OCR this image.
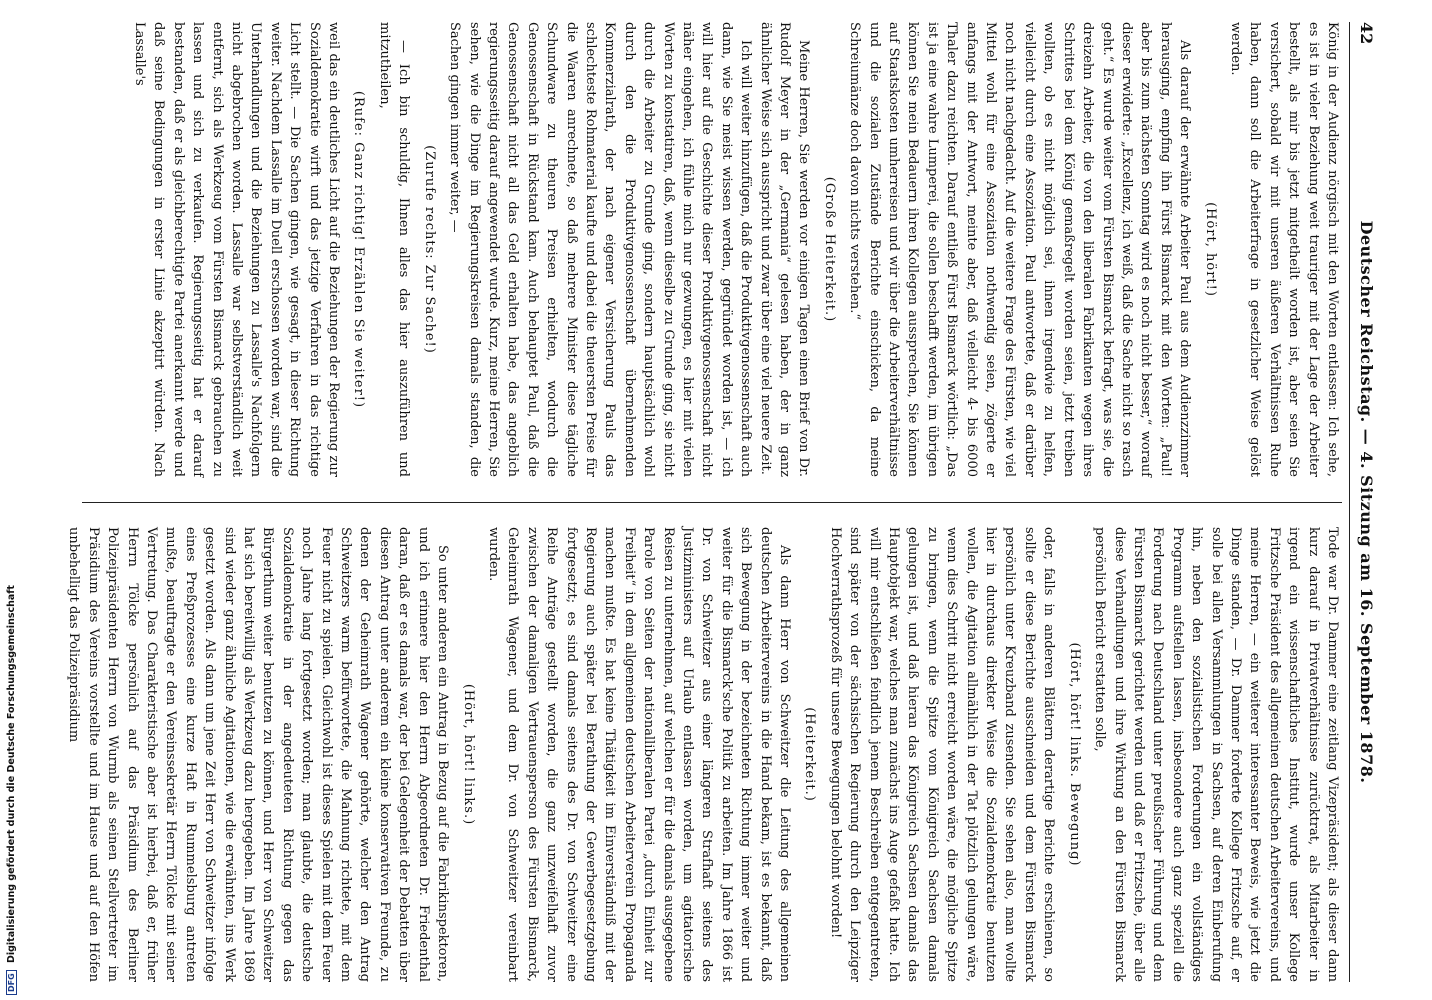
42
Deutscher Reichstag. — 4. Sitzung am 16. September 1878.

König in der Audienz nörgisch mit den Worten entlassen: Ich sehe, es ist in vieler Beziehung weit trauriger mit der Lage der Arbeiter bestellt, als mir bis jetzt mitgetheilt worden ist, aber seien Sie versichert, sobald wir mit unseren äußeren Verhältnissen Ruhe haben, dann soll die Arbeiterfrage in gesetzlicher Weise gelöst werden.

(Hört, hört!)

Als darauf der erwähnte Arbeiter Paul aus dem Audienzzimmer herausging, empfing ihn Fürst Bismarck mit den Worten: „Paul! aber bis zum nächsten Sonntag wird es noch nicht besser,“ worauf dieser erwiderte: „Excellenz, ich weiß, daß die Sache nicht so rasch geht.“ Es wurde weiter vom Fürsten Bismarck befragt, was sie, die dreizehn Arbeiter, die von den liberalen Fabrikanten wegen ihres Schrittes bei dem König gemaßregelt worden seien, jetzt treiben wollten, ob es nicht möglich sei, ihnen irgendwie zu helfen, vielleicht durch eine Assoziation. Paul antwortete, daß er darüber noch nicht nachgedacht. Auf die weitere Frage des Fürsten, wie viel Mittel wohl für eine Assoziation nothwendig seien, zögerte er anfangs mit der Antwort, meinte aber, daß vielleicht 4- bis 6000 Thaler dazu reichten. Darauf entließ Fürst Bismarck wörtlich: „Das ist ja eine wahre Lumperei, die sollen beschafft werden, im übrigen können Sie mein Bedauern ihren Kollegen aussprechen, Sie können auf Staatskosten umherreisen und wir über die Arbeiterverhältnisse und die sozialen Zustände Berichte einschicken, da meine Schreiumänze doch davon nichts verstehen.“

(Große Heiterkeit.)

Meine Herren, Sie werden vor einigen Tagen einen Brief von Dr. Rudolf Meyer in der „Germania“ gelesen haben, der in ganz ähnlicher Weise sich ausspricht und zwar über eine viel neuere Zeit.

Ich will weiter hinzufügen, daß die Produktivgenossenschaft auch dann, wie Sie meist wissen werden, gegründet worden ist, — ich will hier auf die Geschichte dieser Produktivgenossenschaft nicht näher eingehen, ich fühle mich nur gezwungen, es hier mit vielen Worten zu konstatiren, daß, wenn dieselbe zu Grunde ging, sie nicht durch die Arbeiter zu Grunde ging, sondern hauptsächlich wohl durch den die Produktivgenossenschaft übernehmenden Kommerzialrath, der nach eigener Versicherung Pauls das schlechteste Rohmaterial kaufte und dabei die theuersten Preise für die Waaren anrechnete, so daß mehrere Minister diese tägliche Schundware zu theuren Preisen erhielten, wodurch die Genossenschaft in Rückstand kam. Auch behauptet Paul, daß die Genossenschaft nicht all das Geld erhalten habe, das angeblich regierungsseitig darauf angewendet wurde. Kurz, meine Herren, Sie sehen, wie die Dinge im Regierungskreisen damals standen, die Sachen gingen immer weiter, —

(Zurufe rechts: Zur Sache!)

— Ich bin schuldig, Ihnen alles das hier auszuführen und mitzutheilen,

(Rufe: Ganz richtig! Erzählen Sie weiter!)

weil das ein deutliches Licht auf die Beziehungen der Regierung zur Sozialdemokratie wirft und das jetzige Verfahren in das richtige Licht stellt. — Die Sachen gingen, wie gesagt, in dieser Richtung weiter. Nachdem Lassalle im Duell erschossen worden war, sind die Unterhandlungen und die Beziehungen zu Lassalle's Nachfolgern nicht abgebrochen worden. Lassalle war selbstverständlich weit entfernt, sich als Werkzeug vom Fürsten Bismarck gebrauchen zu lassen und sich zu verkaufen. Regierungsseitig hat er darauf bestanden, daß er als gleichberechtigte Partei anerkannt werde und daß seine Bedingungen in erster Linie akzeptirt würden. Nach Lassalle's

Tode war Dr. Dammer eine zeitlang Vizepräsident; als dieser dann kurz darauf in Privatverhältnisse zurücktrat, als Mitarbeiter in irgend ein wissenschaftliches Institut, wurde unser Kollege Fritzsche Präsident des allgemeinen deutschen Arbeitervereins, und meine Herren, — ein weiterer interessanter Beweis, wie jetzt die Dinge standen, — Dr. Dammer forderte Kollege Fritzsche auf, er solle bei allen Versammlungen in Sachsen, auf deren Einberufung hin, neben den sozialistischen Forderungen ein vollständiges Programm aufstellen lassen, insbesondere auch ganz speziell die Forderung nach Deutschland unter preußischer Führung und dem Fürsten Bismarck gerichtet werden und daß er Fritzsche, über alle diese Verhandlungen und ihre Wirkung an den Fürsten Bismarck persönlich Bericht erstatten solle,

(Hört, hört! links. Bewegung)

oder, falls in anderen Blättern derartige Berichte erschienen, so sollte er diese Berichte ausschneiden und dem Fürsten Bismarck persönlich unter Kreuzband zusenden. Sie sehen also, man wollte hier in durchaus direkter Weise die Sozialdemokratie benutzen wollen, die Agitation allmählich in der Tat plötzlich gelungen wäre, wenn dies Schritt nicht erreicht worden wäre, die mögliche Spitze zu bringen, wenn die Spitze vom Königreich Sachsen damals gelungen ist, und daß hieran das Königreich Sachsen damals das Hauptobjekt war, welches man zunächst ins Auge gefaßt hatte. Ich will mir entschließen feindlich jenem Beschreiben entgegentreten, sind später von der sächsischen Regierung durch den Leipziger Hochverrathsprozeß für unsere Bewegungen belohnt worden!

(Heiterkeit.)

Als dann Herr von Schweitzer die Leitung des allgemeinen deutschen Arbeitervereins in die Hand bekam, ist es bekannt, daß sich Bewegung in der bezeichneten Richtung immer weiter und weiter für die Bismarck'sche Politik zu arbeiten. Im Jahre 1866 ist Dr. von Schweitzer aus einer längeren Strafhaft seitens des Justizministers auf Urlaub entlassen worden, um agitatorische Reisen zu unternehmen, auf welchen er für die damals ausgegebene Parole von Seiten der nationalliberalen Partei „durch Einheit zur Freiheit“ in dem allgemeinen deutschen Arbeiterverein Propaganda machen mußte. Es hat keine Thätigkeit im Einverständniß mit der Regierung auch später bei Berathung der Gewerbegesetzgebung fortgesetzt; es sind damals seitens des Dr. von Schweitzer eine Reihe Anträge gestellt worden, die ganz unzweifelhaft zuvor zwischen der damaligen Vertrauensperson des Fürsten Bismarck, Geheimrath Wagener, und dem Dr. von Schweitzer vereinbart wurden.

(Hört, hört! links.)

So unter anderen ein Antrag in Bezug auf die Fabrikinspektoren, und ich erinnere hier den Herrn Abgeordneten Dr. Friedenthal daran, daß er es damals war, der bei Gelegenheit der Debatten über diesen Antrag unter anderem ein kleine konservativen Freunde, zu denen der Geheimrath Wagener gehörte, welcher den Antrag Schweitzers warm befürwortete, die Mahnung richtete, mit dem Feuer nicht zu spielen. Gleichwohl ist dieses Spielen mit dem Feuer noch Jahre lang fortgesetzt worden; man glaubte, die deutsche Sozialdemokratie in der angedeuteten Richtung gegen das Bürgerthum weiter benutzen zu können, und Herr von Schweitzer hat sich bereitwillig als Werkzeug dazu hergegeben. Im Jahre 1869 sind wieder ganz ähnliche Agitationen, wie die erwähnten, ins Werk gesetzt worden. Als dann um jene Zeit Herr von Schweitzer infolge eines Preßprozesses eine kurze Haft in Rummelsburg antreten mußte, beauftragte er den Vereinssekretär Herrn Tölcke mit seiner Vertretung. Das Charakteristische aber ist hierbei, daß er, früher Herrn Tölcke persönlich auf das Präsidium des Berliner Polizeipräsidenten Herrn von Wurmb als seinen Stellvertreter im Präsidium des Vereins vorstellte und im Hause und auf den Höfen unbehelligt das Polizeipräsidium

DFG Digitalisierung gefördert durch die Deutsche Forschungsgemeinschaft
